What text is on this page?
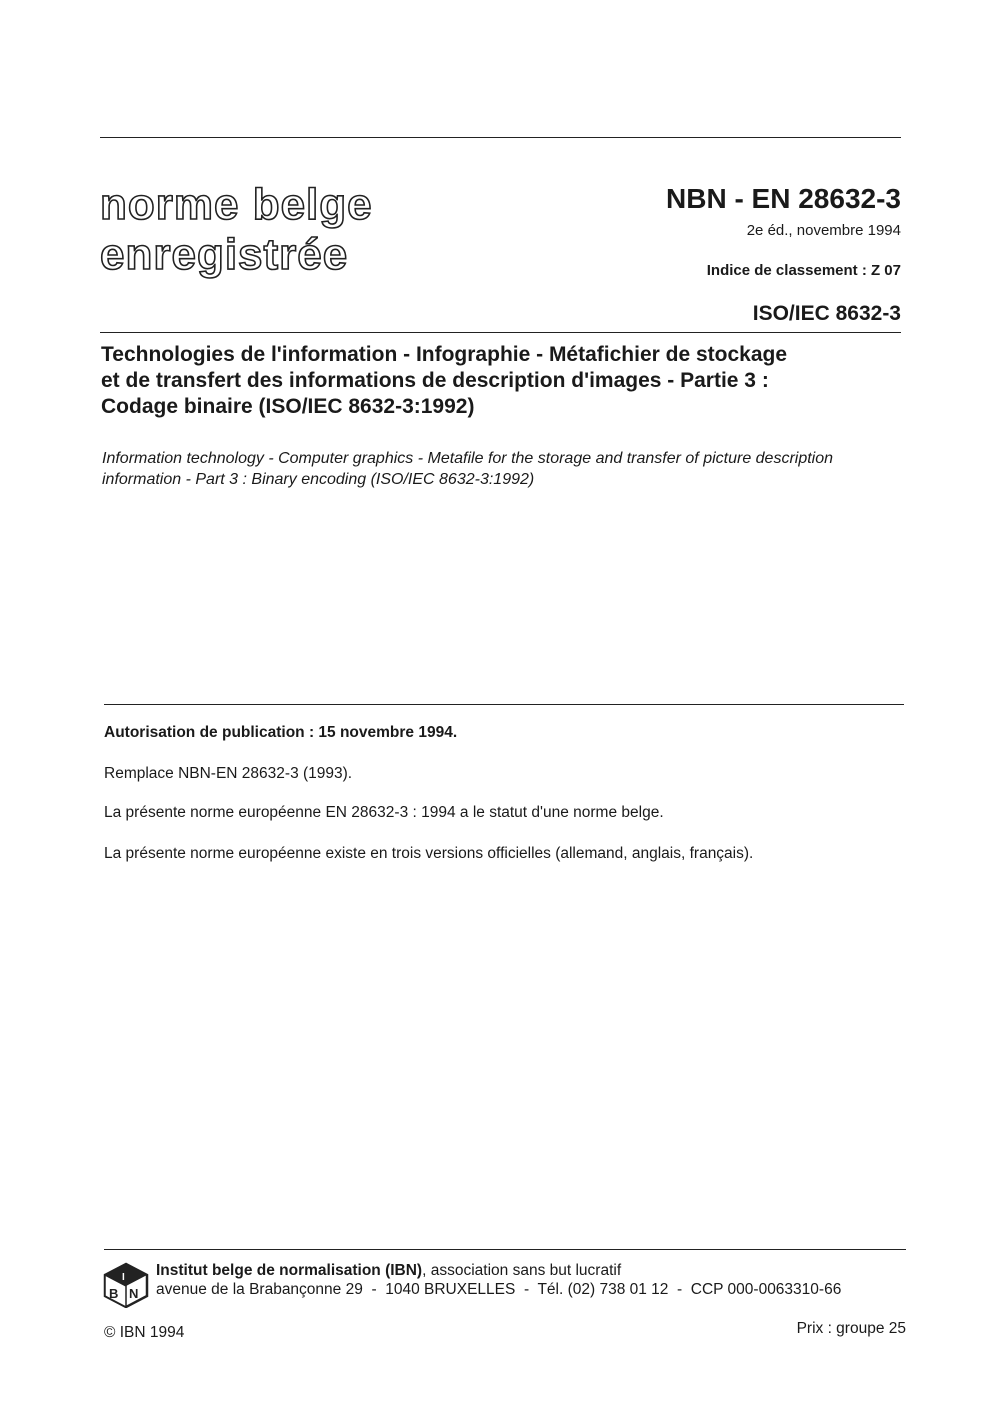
norme belge
enregistrée
NBN - EN 28632-3
2e éd., novembre 1994
Indice de classement : Z 07
ISO/IEC 8632-3
Technologies de l'information - Infographie - Métafichier de stockage
et de transfert des informations de description d'images - Partie 3 :
Codage binaire (ISO/IEC 8632-3:1992)
Information technology - Computer graphics - Metafile for the storage and transfer of picture description
information - Part 3 : Binary encoding (ISO/IEC 8632-3:1992)
Autorisation de publication : 15 novembre 1994.
Remplace NBN-EN 28632-3 (1993).
La présente norme européenne EN 28632-3 : 1994 a le statut d'une norme belge.
La présente norme européenne existe en trois versions officielles (allemand, anglais, français).
B N
I Institut belge de normalisation (IBN), association sans but lucratif
avenue de la Brabançonne 29  -  1040 BRUXELLES  -  Tél. (02) 738 01 12  -  CCP 000-0063310-66
© IBN 1994	Prix : groupe 25
